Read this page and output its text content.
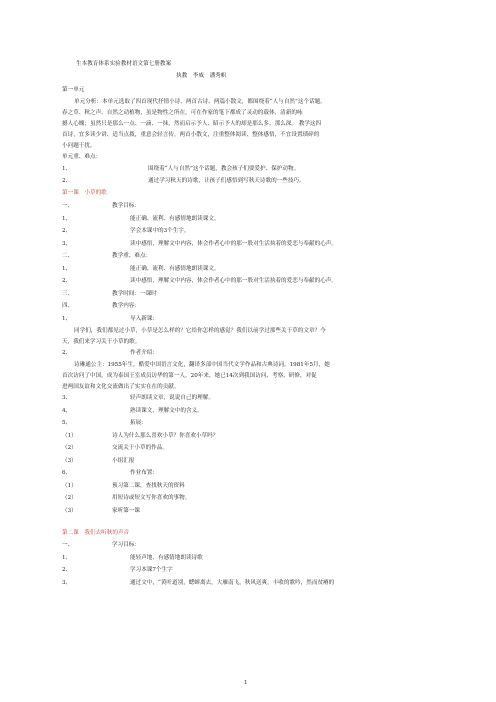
生本教育体系实验教材语文第七册教案
执教　李威　潘秀帜
第一单元
单元分析：本单元选取了四首现代抒情小诗、两首古诗、两篇小散文，都围绕着“人与自然”这个话题。
春之草、秋之声、自然之动植物，虽是物性之所在，可在作家的笔下都成了灵动的载体，清新的咏
撼人心魄；虽然只是那么一点、一滴、一抹，然而启示予人、昭示予人的却是那么多、那么深。 教学这四
首诗，宜多读少讲、适当点拨，重意会轻言传。两首小散文，注重整体阅读、整体感悟，不宜设置琐碎的
小问题干扰。
单元重、难点：
1、	围绕着“人与自然”这个话题，教会孩子们要爱护、保护动物。
2、	通过学习秋天的诗歌，让孩子们感悟到写秋天诗歌的一些技巧。
第一课　小草的歌
一、	教学目标：
1、	能正确、流利、有感情地朗读课文。
2、	学会本课中的3个生字。
3、	读中感悟，理解文中内容，体会作者心中的那一股对生活执着的爱恋与奉献的心声。
二、	教学重、难点：
1、	能正确、流利、有感情地朗读课文。
2、	读中感悟，理解文中内容，体会作者心中的那一股对生活执着的爱恋与奉献的心声。
三、	教学时间：一课时
四、	教学内容：
1、	导入新课：
同学们，我们都见过小草，小草是怎么样的？它给你怎样的感觉？我们以前学过那些关于草的文章？今
天，我们来学习关于小草的歌。
2、	作者介绍：
诗琳通公主：1955年生，酷爱中国语言文化，翻译多部中国当代文学作品和古典诗词。1981年5月，她
首次访问了中国，成为泰国王室成员访华的第一人。20年来，她已14次到我国访问、考察、研修，对促
进两国友谊和文化交流做出了实实在在的贡献。
3、	轻声朗读文章，说说自己的理解。
4、	熟读课文，理解文中的含义。
5、	拓展：
（1）	诗人为什么那么喜欢小草？你喜欢小草吗？
（2）	交流关于小草的作品。
（3）	小组汇报
6、	作业布置：
（1）	预习第二课，查找秋天的资料
（2）	用短诗或短文写你喜欢的事物。
（3）	家听第一课
第二课　我们去听秋的声音
一、	学习目标：
1、	能轻声地、有感情地朗读诗歌
2、	学习本课7个生字
3、	通过文中，“黄叶道别，蟋蟀离去，大雁南飞，秋风送爽，丰收的歌吟，然而贫瘠的
1
